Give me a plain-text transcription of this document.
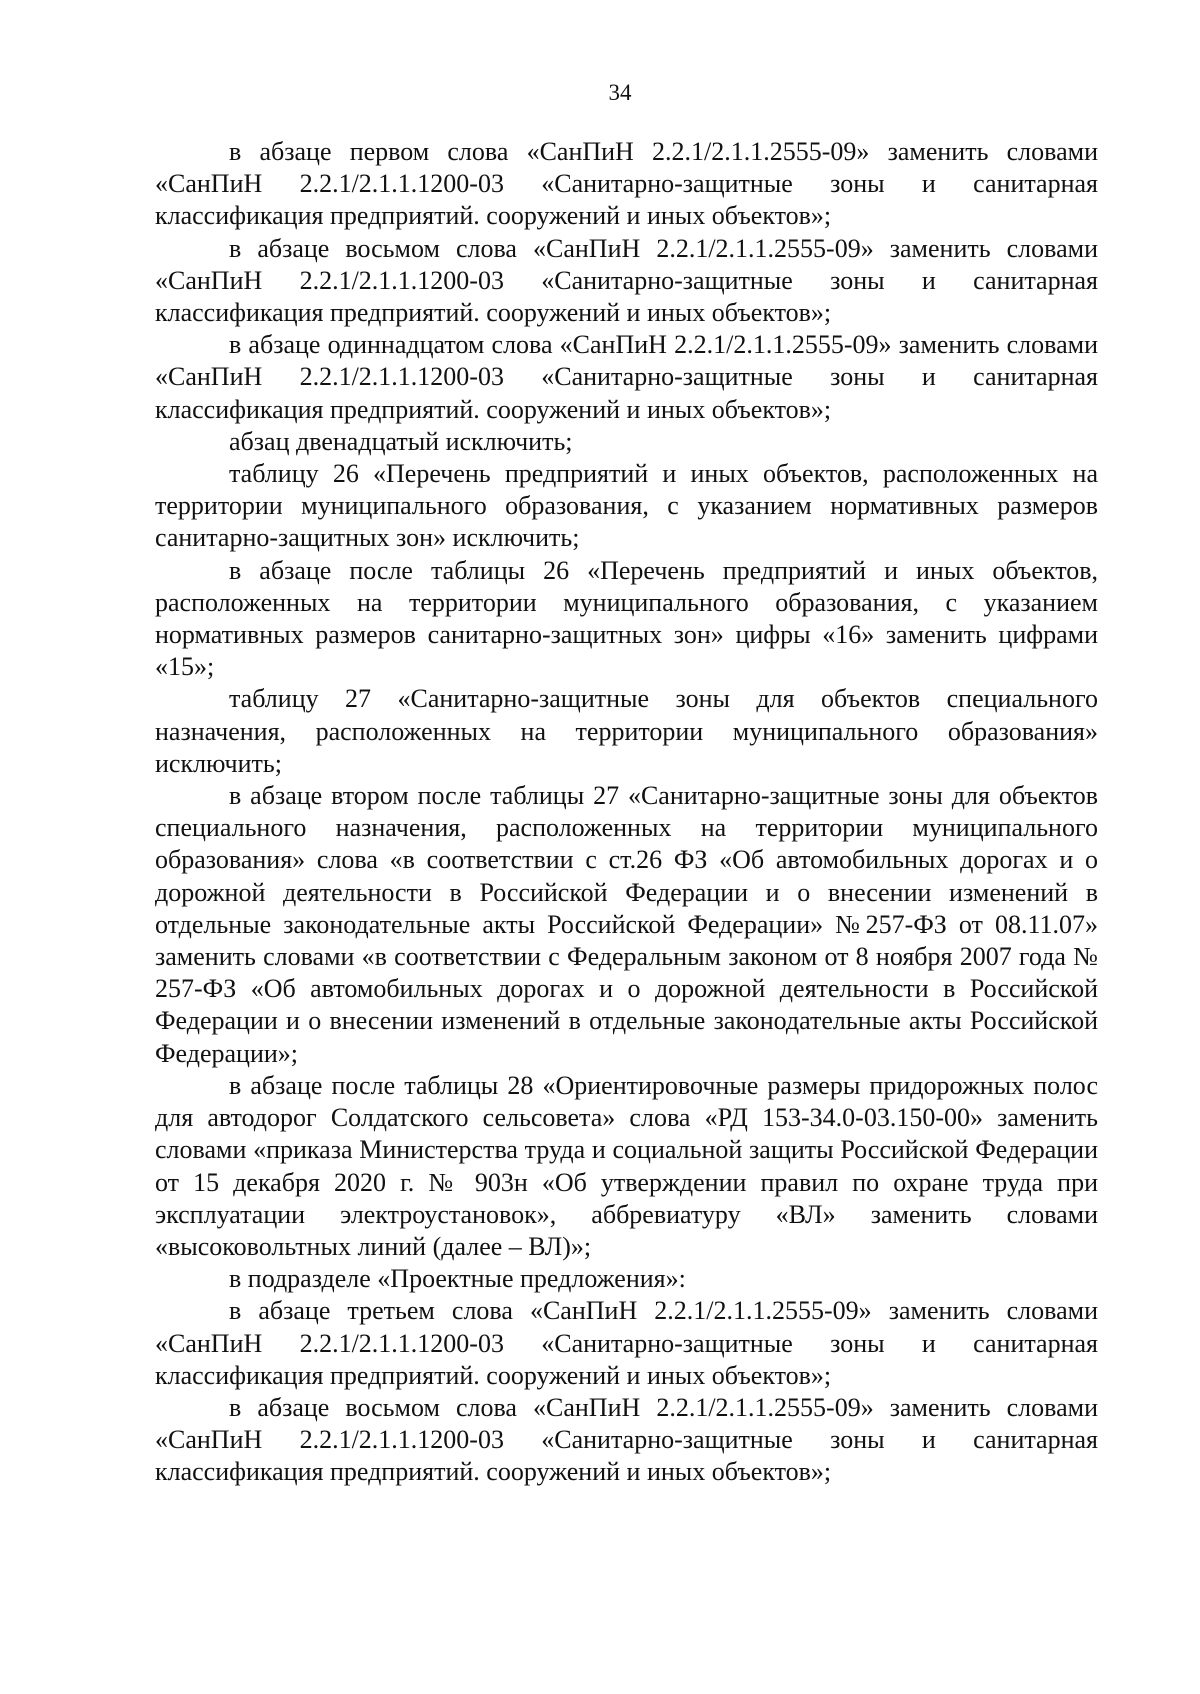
34

в абзаце первом слова «СанПиН 2.2.1/2.1.1.2555-09» заменить словами «СанПиН 2.2.1/2.1.1.1200-03 «Санитарно-защитные зоны и санитарная классификация предприятий. сооружений и иных объектов»;

в абзаце восьмом слова «СанПиН 2.2.1/2.1.1.2555-09» заменить словами «СанПиН 2.2.1/2.1.1.1200-03 «Санитарно-защитные зоны и санитарная классификация предприятий. сооружений и иных объектов»;

в абзаце одиннадцатом слова «СанПиН 2.2.1/2.1.1.2555-09» заменить словами «СанПиН 2.2.1/2.1.1.1200-03 «Санитарно-защитные зоны и санитарная классификация предприятий. сооружений и иных объектов»;

абзац двенадцатый исключить;

таблицу 26 «Перечень предприятий и иных объектов, расположенных на территории муниципального образования, с указанием нормативных размеров санитарно-защитных зон» исключить;

в абзаце после таблицы 26 «Перечень предприятий и иных объектов, расположенных на территории муниципального образования, с указанием нормативных размеров санитарно-защитных зон» цифры «16» заменить цифрами «15»;

таблицу 27 «Санитарно-защитные зоны для объектов специального назначения, расположенных на территории муниципального образования» исключить;

в абзаце втором после таблицы 27 «Санитарно-защитные зоны для объектов специального назначения, расположенных на территории муниципального образования» слова «в соответствии с ст.26 ФЗ «Об автомобильных дорогах и о дорожной деятельности в Российской Федерации и о внесении изменений в отдельные законодательные акты Российской Федерации» №257-ФЗ от 08.11.07» заменить словами «в соответствии с Федеральным законом от 8 ноября 2007 года № 257-ФЗ «Об автомобильных дорогах и о дорожной деятельности в Российской Федерации и о внесении изменений в отдельные законодательные акты Российской Федерации»;

в абзаце после таблицы 28 «Ориентировочные размеры придорожных полос для автодорог Солдатского сельсовета» слова «РД 153-34.0-03.150-00» заменить словами «приказа Министерства труда и социальной защиты Российской Федерации от 15 декабря 2020 г. № 903н «Об утверждении правил по охране труда при эксплуатации электроустановок», аббревиатуру «ВЛ» заменить словами «высоковольтных линий (далее – ВЛ)»;

в подразделе «Проектные предложения»:

в абзаце третьем слова «СанПиН 2.2.1/2.1.1.2555-09» заменить словами «СанПиН 2.2.1/2.1.1.1200-03 «Санитарно-защитные зоны и санитарная классификация предприятий. сооружений и иных объектов»;

в абзаце восьмом слова «СанПиН 2.2.1/2.1.1.2555-09» заменить словами «СанПиН 2.2.1/2.1.1.1200-03 «Санитарно-защитные зоны и санитарная классификация предприятий. сооружений и иных объектов»;
